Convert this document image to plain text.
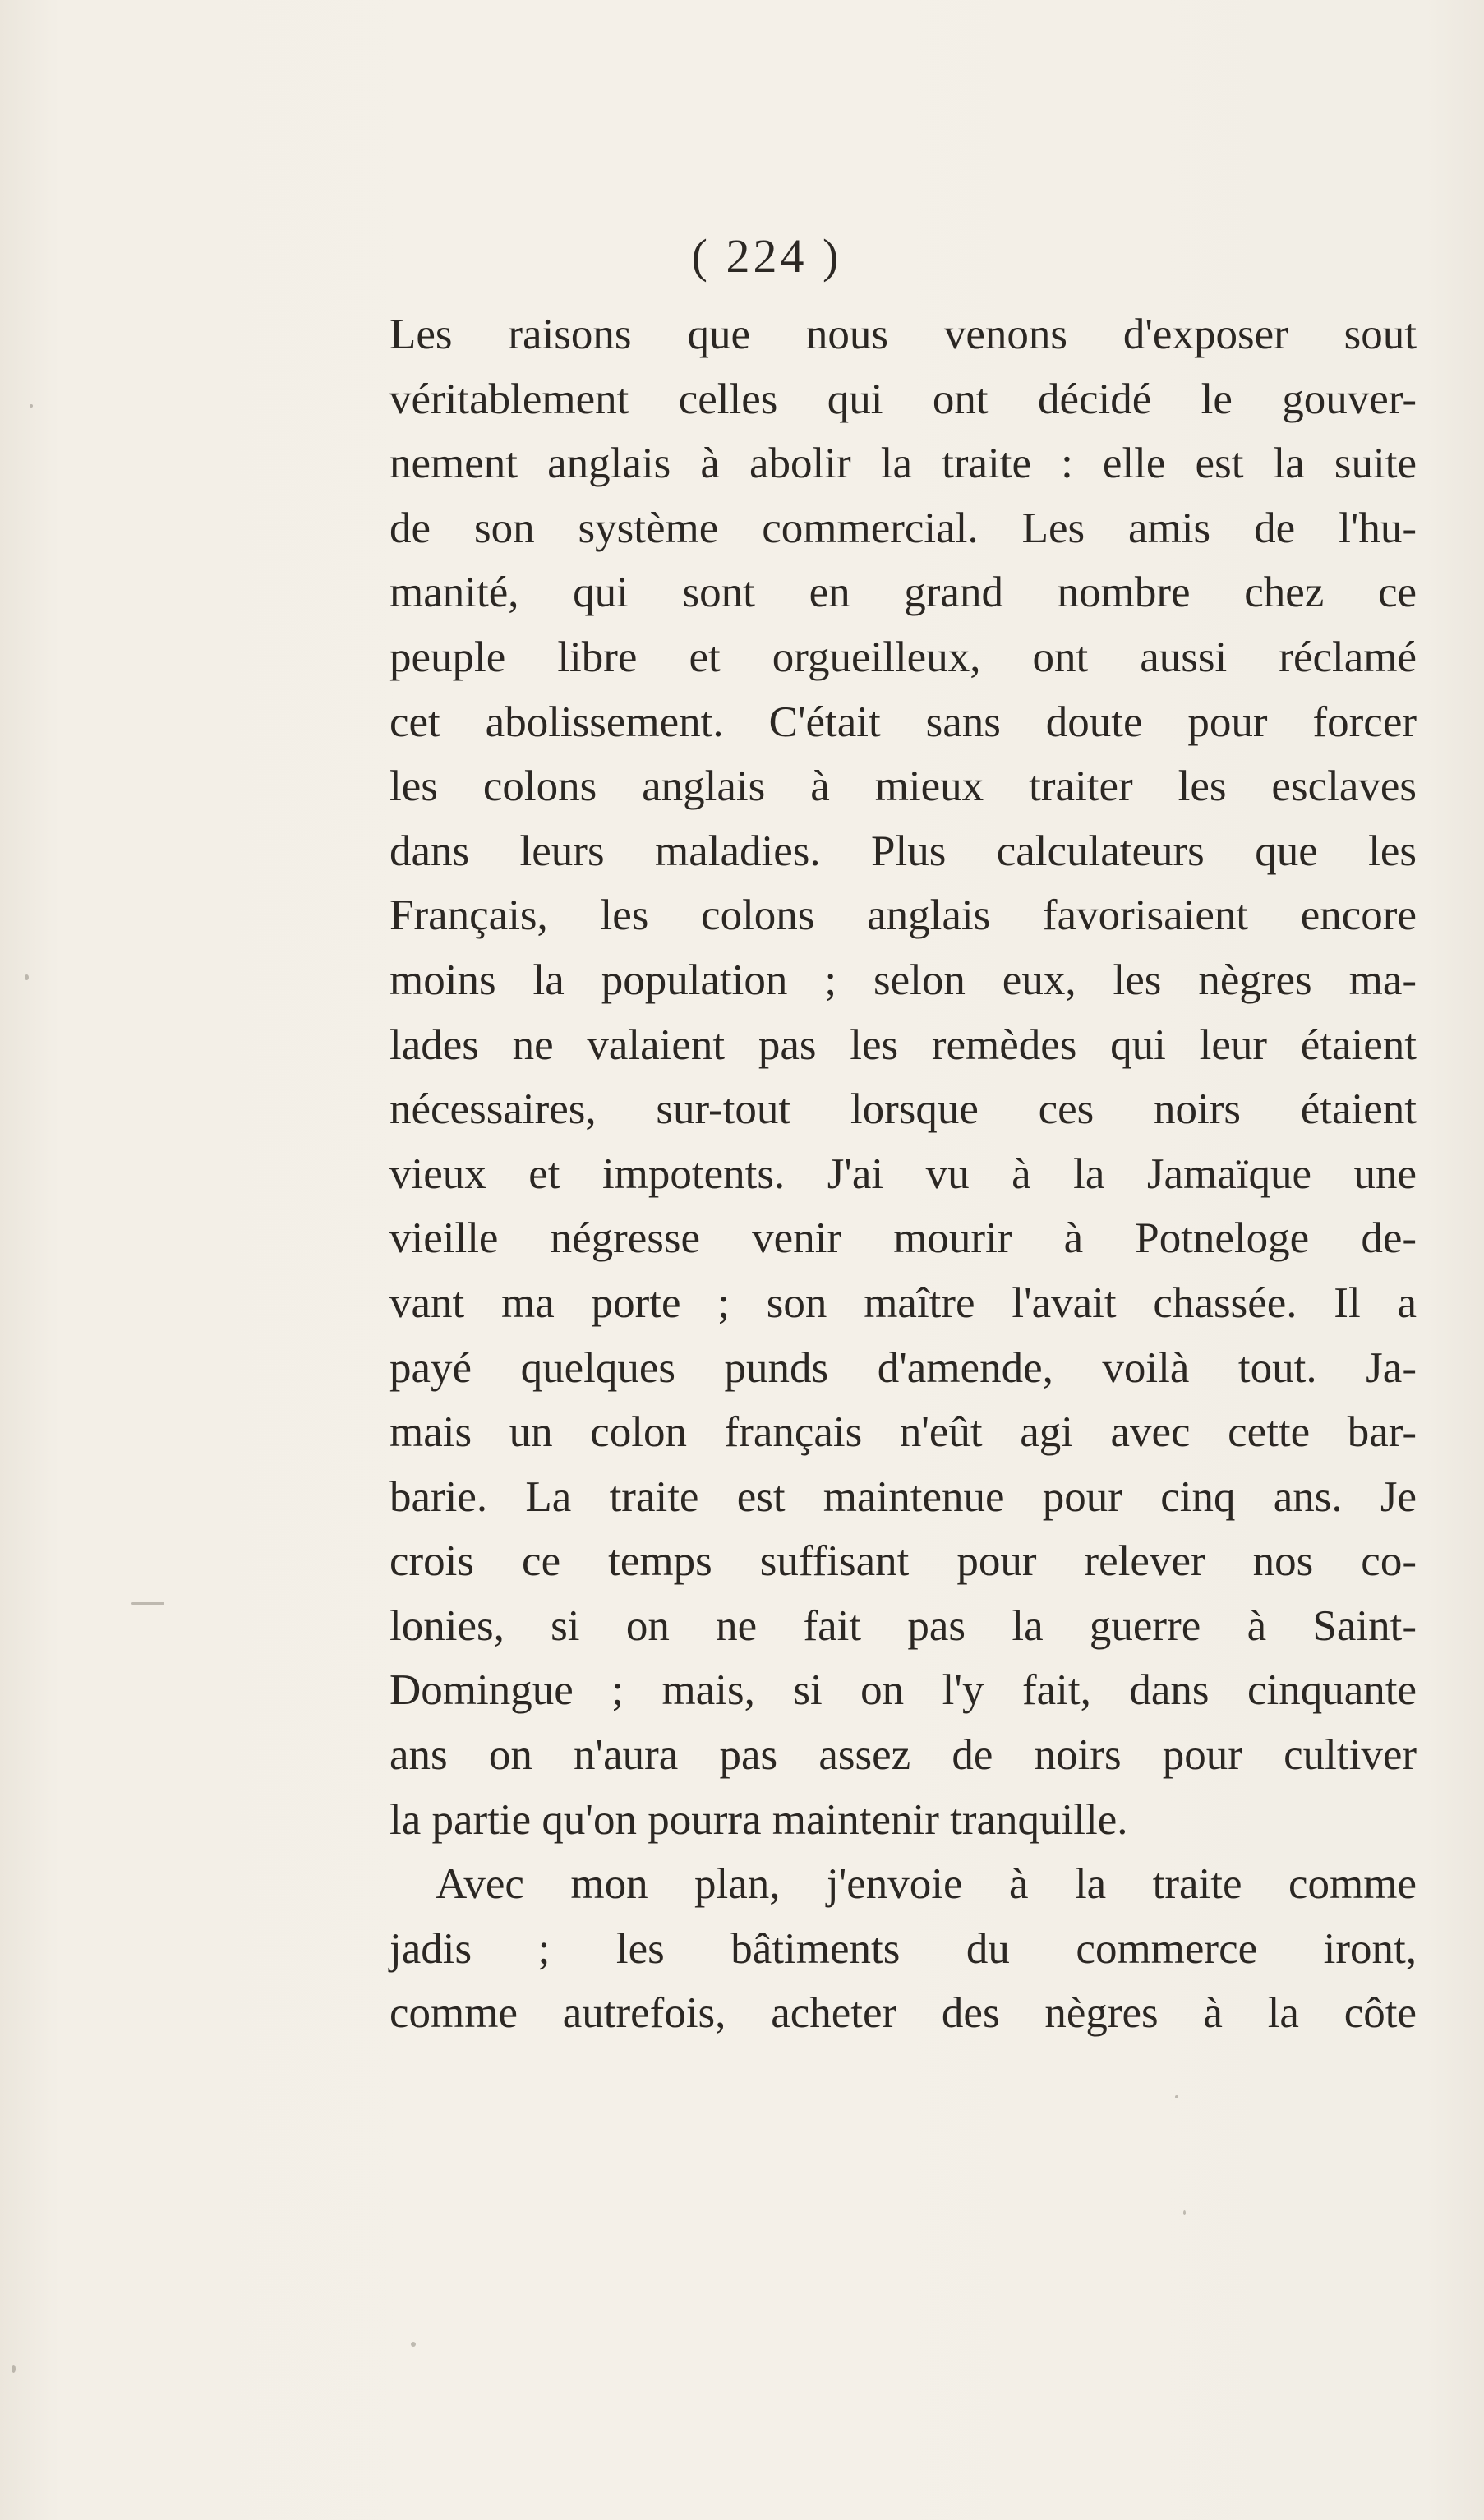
( 224 )
Les raisons que nous venons d'exposer sout
véritablement celles qui ont décidé le gouver-
nement anglais à abolir la traite : elle est la suite
de son système commercial. Les amis de l'hu-
manité, qui sont en grand nombre chez ce
peuple libre et orgueilleux, ont aussi réclamé
cet abolissement. C'était sans doute pour forcer
les colons anglais à mieux traiter les esclaves
dans leurs maladies. Plus calculateurs que les
Français, les colons anglais favorisaient encore
moins la population ; selon eux, les nègres ma-
lades ne valaient pas les remèdes qui leur étaient
nécessaires, sur-tout lorsque ces noirs étaient
vieux et impotents. J'ai vu à la Jamaïque une
vieille négresse venir mourir à Potneloge de-
vant ma porte ; son maître l'avait chassée. Il a
payé quelques punds d'amende, voilà tout. Ja-
mais un colon français n'eût agi avec cette bar-
barie. La traite est maintenue pour cinq ans. Je
crois ce temps suffisant pour relever nos co-
lonies, si on ne fait pas la guerre à Saint-
Domingue ; mais, si on l'y fait, dans cinquante
ans on n'aura pas assez de noirs pour cultiver
la partie qu'on pourra maintenir tranquille.
Avec mon plan, j'envoie à la traite comme
jadis ; les bâtiments du commerce iront,
comme autrefois, acheter des nègres à la côte
